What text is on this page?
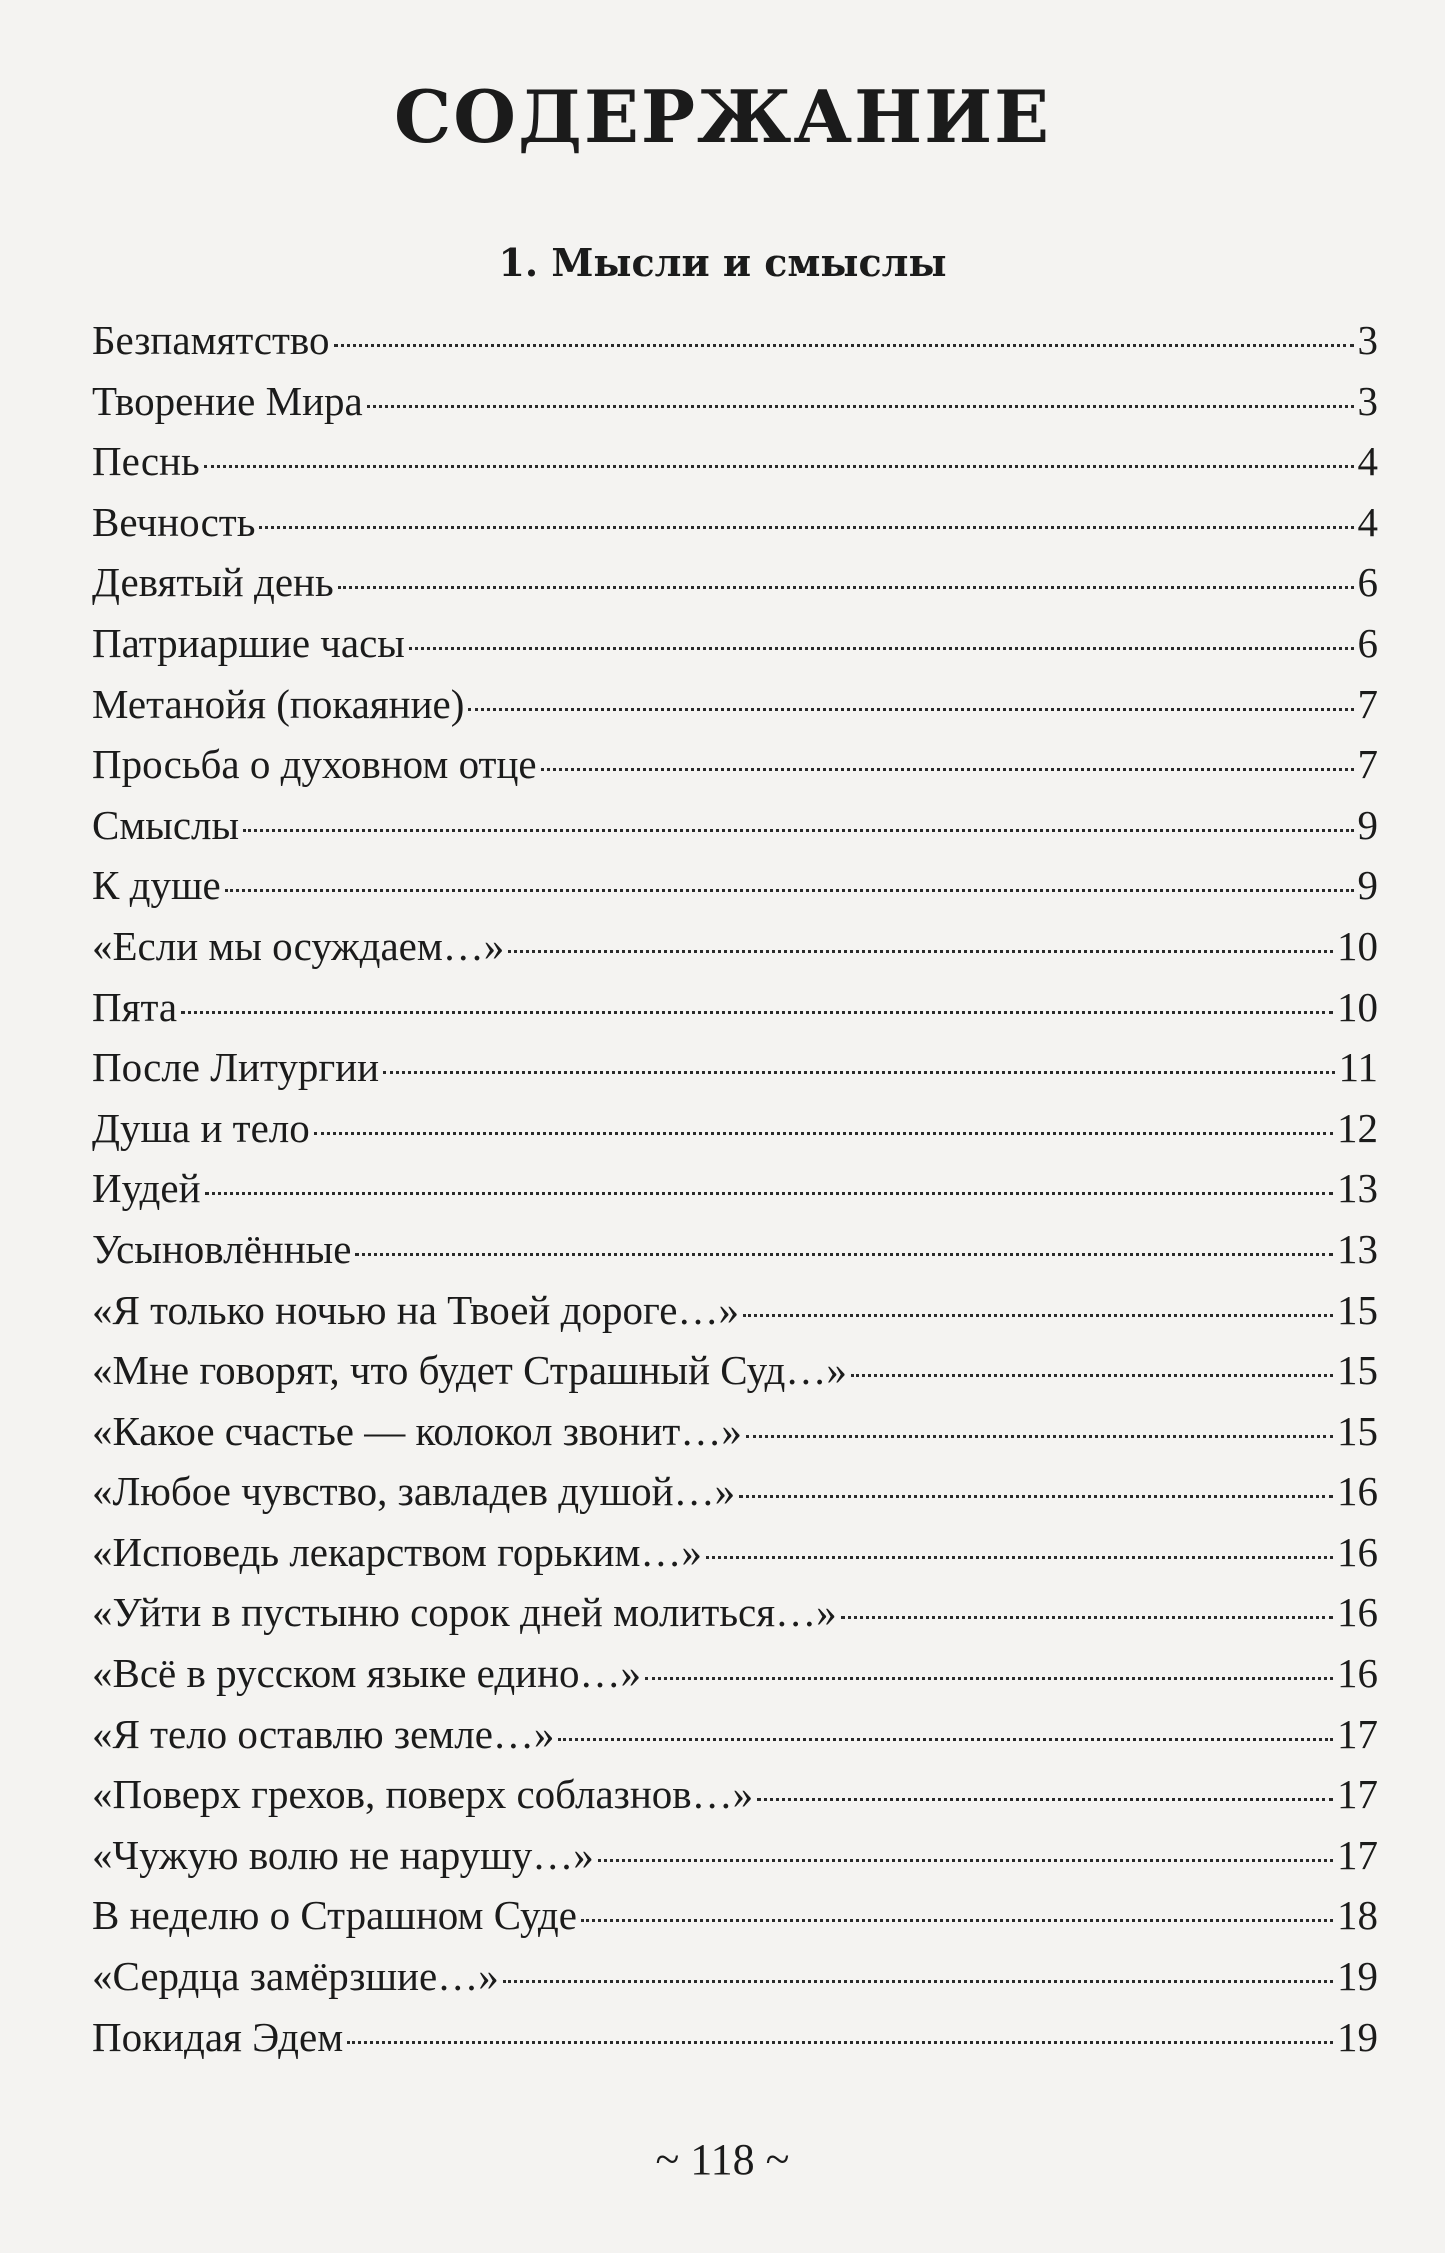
СОДЕРЖАНИЕ
1. Мысли и смыслы
Безпамятство	3
Творение Мира	3
Песнь	4
Вечность	4
Девятый день	6
Патриаршие часы	6
Метанойя (покаяние)	7
Просьба о духовном отце	7
Смыслы	9
К душе	9
«Если мы осуждаем…»	10
Пята	10
После Литургии	11
Душа и тело	12
Иудей	13
Усыновлённые	13
«Я только ночью на Твоей дороге…»	15
«Мне говорят, что будет Страшный Суд…»	15
«Какое счастье — колокол звонит…»	15
«Любое чувство, завладев душой…»	16
«Исповедь лекарством горьким…»	16
«Уйти в пустыню сорок дней молиться…»	16
«Всё в русском языке едино…»	16
«Я тело оставлю земле…»	17
«Поверх грехов, поверх соблазнов…»	17
«Чужую волю не нарушу…»	17
В неделю о Страшном Суде	18
«Сердца замёрзшие…»	19
Покидая Эдем	19
~ 118 ~
